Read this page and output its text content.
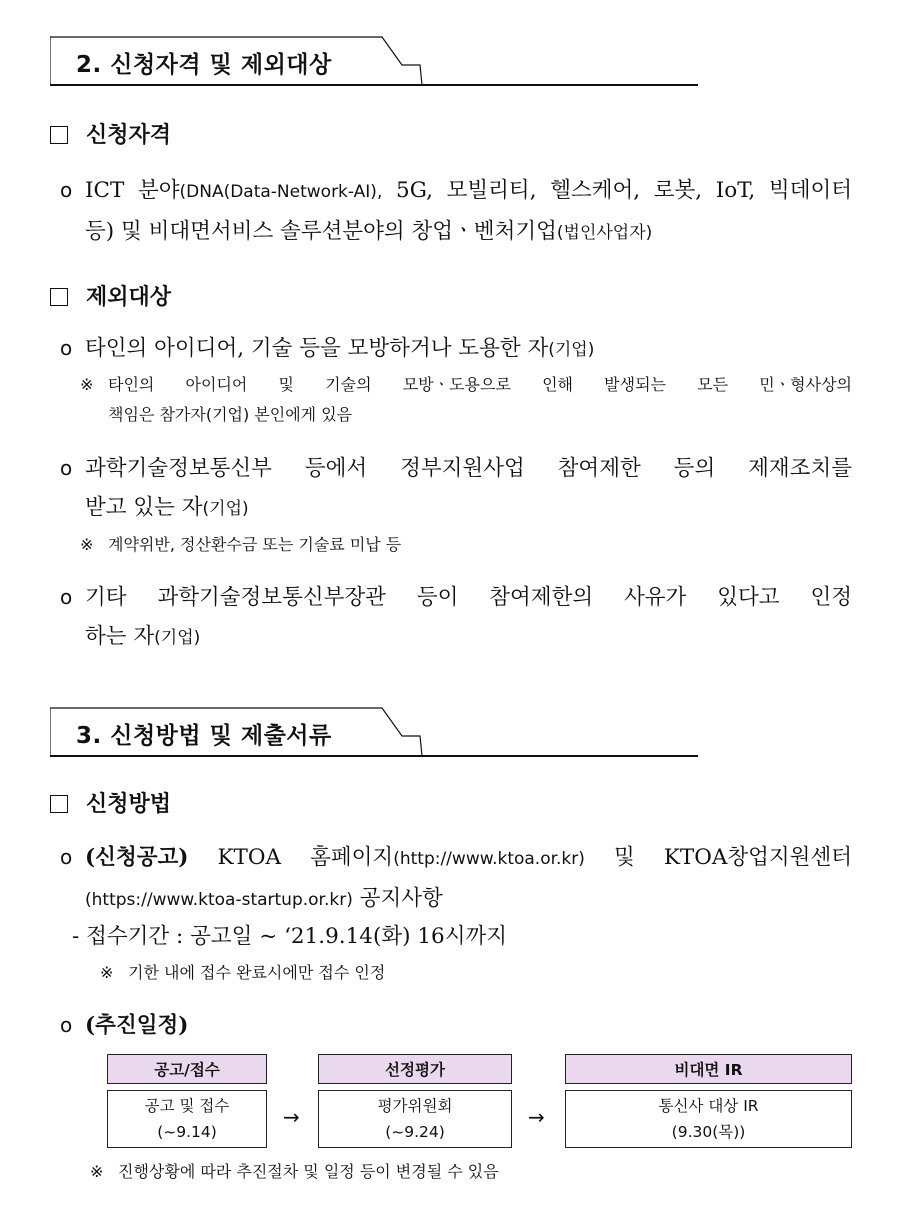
2. 신청자격 및 제외대상
신청자격
o ICT 분야(DNA(Data-Network-AI), 5G, 모빌리티, 헬스케어, 로봇, IoT, 빅데이터
등) 및 비대면서비스 솔루션분야의 창업ㆍ벤처기업(법인사업자)
제외대상
o 타인의 아이디어, 기술 등을 모방하거나 도용한 자(기업)
※ 타인의 아이디어 및 기술의 모방ㆍ도용으로 인해 발생되는 모든 민ㆍ형사상의
책임은 참가자(기업) 본인에게 있음
o 과학기술정보통신부 등에서 정부지원사업 참여제한 등의 제재조치를
받고 있는 자(기업)
※ 계약위반, 정산환수금 또는 기술료 미납 등
o 기타 과학기술정보통신부장관 등이 참여제한의 사유가 있다고 인정
하는 자(기업)
3. 신청방법 및 제출서류
신청방법
o (신청공고) KTOA 홈페이지(http://www.ktoa.or.kr) 및 KTOA창업지원센터
(https://www.ktoa-startup.or.kr) 공지사항
- 접수기간 : 공고일 ~ ‘21.9.14(화) 16시까지
※ 기한 내에 접수 완료시에만 접수 인정
o (추진일정)
공고/접수
공고 및 접수
(~9.14)
→
선정평가
평가위원회
(~9.24)
→
비대면 IR
통신사 대상 IR
(9.30(목))
※ 진행상황에 따라 추진절차 및 일정 등이 변경될 수 있음
